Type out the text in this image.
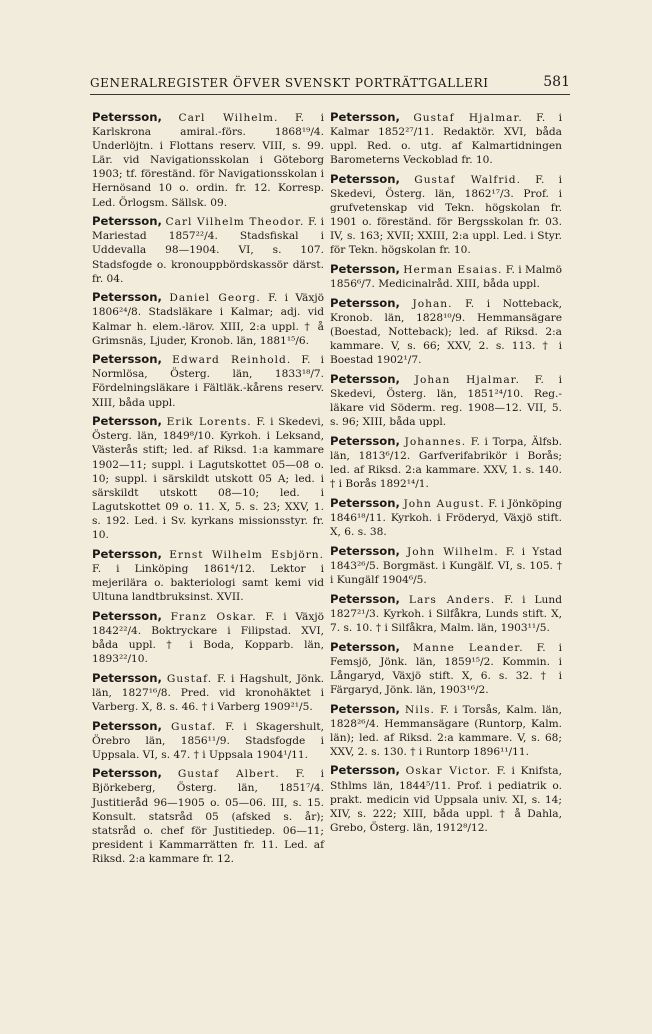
GENERALREGISTER ÖFVER SVENSKT PORTRÄTTGALLERI	581

Petersson, Carl Wilhelm. F. i Karlskrona amiral.-förs. 1868¹⁹/4. Underlöjtn. i Flottans reserv. VIII, s. 99. Lär. vid Navigationsskolan i Göteborg 1903; tf. föreständ. för Navigationsskolan i Hernösand 10 o. ordin. fr. 12. Korresp. Led. Örlogsm. Sällsk. 09.

Petersson, Carl Vilhelm Theodor. F. i Mariestad 1857²²/4. Stadsfiskal i Uddevalla 98—1904. VI, s. 107. Stadsfogde o. kronouppbördskassör därst. fr. 04.

Petersson, Daniel Georg. F. i Växjö 1806²⁴/8. Stadsläkare i Kalmar; adj. vid Kalmar h. elem.-lärov. XIII, 2:a uppl. † å Grimsnäs, Ljuder, Kronob. län, 1881¹⁵/6.

Petersson, Edward Reinhold. F. i Normlösa, Österg. län, 1833¹⁸/7. Fördelningsläkare i Fältläk.-kårens reserv. XIII, båda uppl.

Petersson, Erik Lorents. F. i Skedevi, Österg. län, 1849⁸/10. Kyrkoh. i Leksand, Västerås stift; led. af Riksd. 1:a kammare 1902—11; suppl. i Lagutskottet 05—08 o. 10; suppl. i särskildt utskott 05 A; led. i särskildt utskott 08—10; led. i Lagutskottet 09 o. 11. X, 5. s. 23; XXV, 1. s. 192. Led. i Sv. kyrkans missionsstyr. fr. 10.

Petersson, Ernst Wilhelm Esbjörn. F. i Linköping 1861⁴/12. Lektor i mejerilära o. bakteriologi samt kemi vid Ultuna landtbruksinst. XVII.

Petersson, Franz Oskar. F. i Växjö 1842²²/4. Boktryckare i Filipstad. XVI, båda uppl. † i Boda, Kopparb. län, 1893²²/10.

Petersson, Gustaf. F. i Hagshult, Jönk. län, 1827¹⁶/8. Pred. vid kronohäktet i Varberg. X, 8. s. 46. † i Varberg 1909²¹/5.

Petersson, Gustaf. F. i Skagershult, Örebro län, 1856¹¹/9. Stadsfogde i Uppsala. VI, s. 47. † i Uppsala 1904¹/11.

Petersson, Gustaf Albert. F. i Björkeberg, Österg. län, 1851⁷/4. Justitieråd 96—1905 o. 05—06. III, s. 15. Konsult. statsråd 05 (afsked s. år); statsråd o. chef för Justitiedep. 06—11; president i Kammarrätten fr. 11. Led. af Riksd. 2:a kammare fr. 12.

Petersson, Gustaf Hjalmar. F. i Kalmar 1852²⁷/11. Redaktör. XVI, båda uppl. Red. o. utg. af Kalmartidningen Barometerns Veckoblad fr. 10.

Petersson, Gustaf Walfrid. F. i Skedevi, Österg. län, 1862¹⁷/3. Prof. i grufvetenskap vid Tekn. högskolan fr. 1901 o. föreständ. för Bergsskolan fr. 03. IV, s. 163; XVII; XXIII, 2:a uppl. Led. i Styr. för Tekn. högskolan fr. 10.

Petersson, Herman Esaias. F. i Malmö 1856⁶/7. Medicinalråd. XIII, båda uppl.

Petersson, Johan. F. i Notteback, Kronob. län, 1828¹⁰/9. Hemmansägare (Boestad, Notteback); led. af Riksd. 2:a kammare. V, s. 66; XXV, 2. s. 113. † i Boestad 1902¹/7.

Petersson, Johan Hjalmar. F. i Skedevi, Österg. län, 1851²⁴/10. Reg.-läkare vid Söderm. reg. 1908—12. VII, 5. s. 96; XIII, båda uppl.

Petersson, Johannes. F. i Torpa, Älfsb. län, 1813⁶/12. Garfverifabrikör i Borås; led. af Riksd. 2:a kammare. XXV, 1. s. 140. † i Borås 1892¹⁴/1.

Petersson, John August. F. i Jönköping 1846¹⁸/11. Kyrkoh. i Fröderyd, Växjö stift. X, 6. s. 38.

Petersson, John Wilhelm. F. i Ystad 1843²⁶/5. Borgmäst. i Kungälf. VI, s. 105. † i Kungälf 1904⁶/5.

Petersson, Lars Anders. F. i Lund 1827²¹/3. Kyrkoh. i Silfåkra, Lunds stift. X, 7. s. 10. † i Silfåkra, Malm. län, 1903¹¹/5.

Petersson, Manne Leander. F. i Femsjö, Jönk. län, 1859¹⁵/2. Kommin. i Långaryd, Växjö stift. X, 6. s. 32. † i Färgaryd, Jönk. län, 1903¹⁶/2.

Petersson, Nils. F. i Torsås, Kalm. län, 1828²⁶/4. Hemmansägare (Runtorp, Kalm. län); led. af Riksd. 2:a kammare. V, s. 68; XXV, 2. s. 130. † i Runtorp 1896¹¹/11.

Petersson, Oskar Victor. F. i Knifsta, Sthlms län, 1844⁵/11. Prof. i pediatrik o. prakt. medicin vid Uppsala univ. XI, s. 14; XIV, s. 222; XIII, båda uppl. † å Dahla, Grebo, Österg. län, 1912⁸/12.
